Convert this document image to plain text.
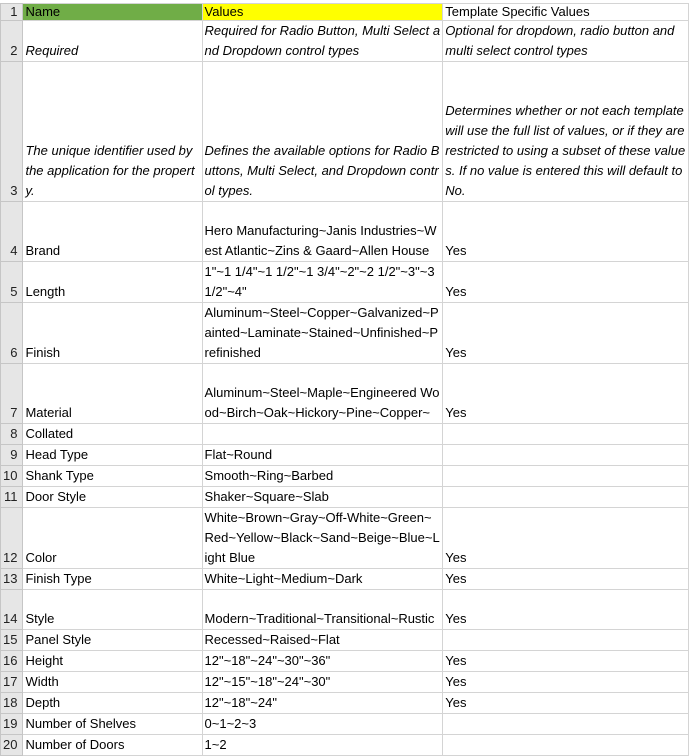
1	Name	Values	Template Specific Values
2	Required	Required for Radio Button, Multi Select and Dropdown control types	Optional for dropdown, radio button and multi select control types
3	The unique identifier used by the application for the property.	Defines the available options for Radio Buttons, Multi Select, and Dropdown control types.	Determines whether or not each template will use the full list of values, or if they are restricted to using a subset of these values. If no value is entered this will default to No.
4	Brand	Hero Manufacturing~Janis Industries~West Atlantic~Zins & Gaard~Allen House	Yes
5	Length	1"~1 1/4"~1 1/2"~1 3/4"~2"~2 1/2"~3"~3 1/2"~4"	Yes
6	Finish	Aluminum~Steel~Copper~Galvanized~Painted~Laminate~Stained~Unfinished~Prefinished	Yes
7	Material	Aluminum~Steel~Maple~Engineered Wood~Birch~Oak~Hickory~Pine~Copper~	Yes
8	Collated		
9	Head Type	Flat~Round	
10	Shank Type	Smooth~Ring~Barbed	
11	Door Style	Shaker~Square~Slab	
12	Color	White~Brown~Gray~Off-White~Green~Red~Yellow~Black~Sand~Beige~Blue~Light Blue	Yes
13	Finish Type	White~Light~Medium~Dark	Yes
14	Style	Modern~Traditional~Transitional~Rustic	Yes
15	Panel Style	Recessed~Raised~Flat	
16	Height	12"~18"~24"~30"~36"	Yes
17	Width	12"~15"~18"~24"~30"	Yes
18	Depth	12"~18"~24"	Yes
19	Number of Shelves	0~1~2~3	
20	Number of Doors	1~2	
